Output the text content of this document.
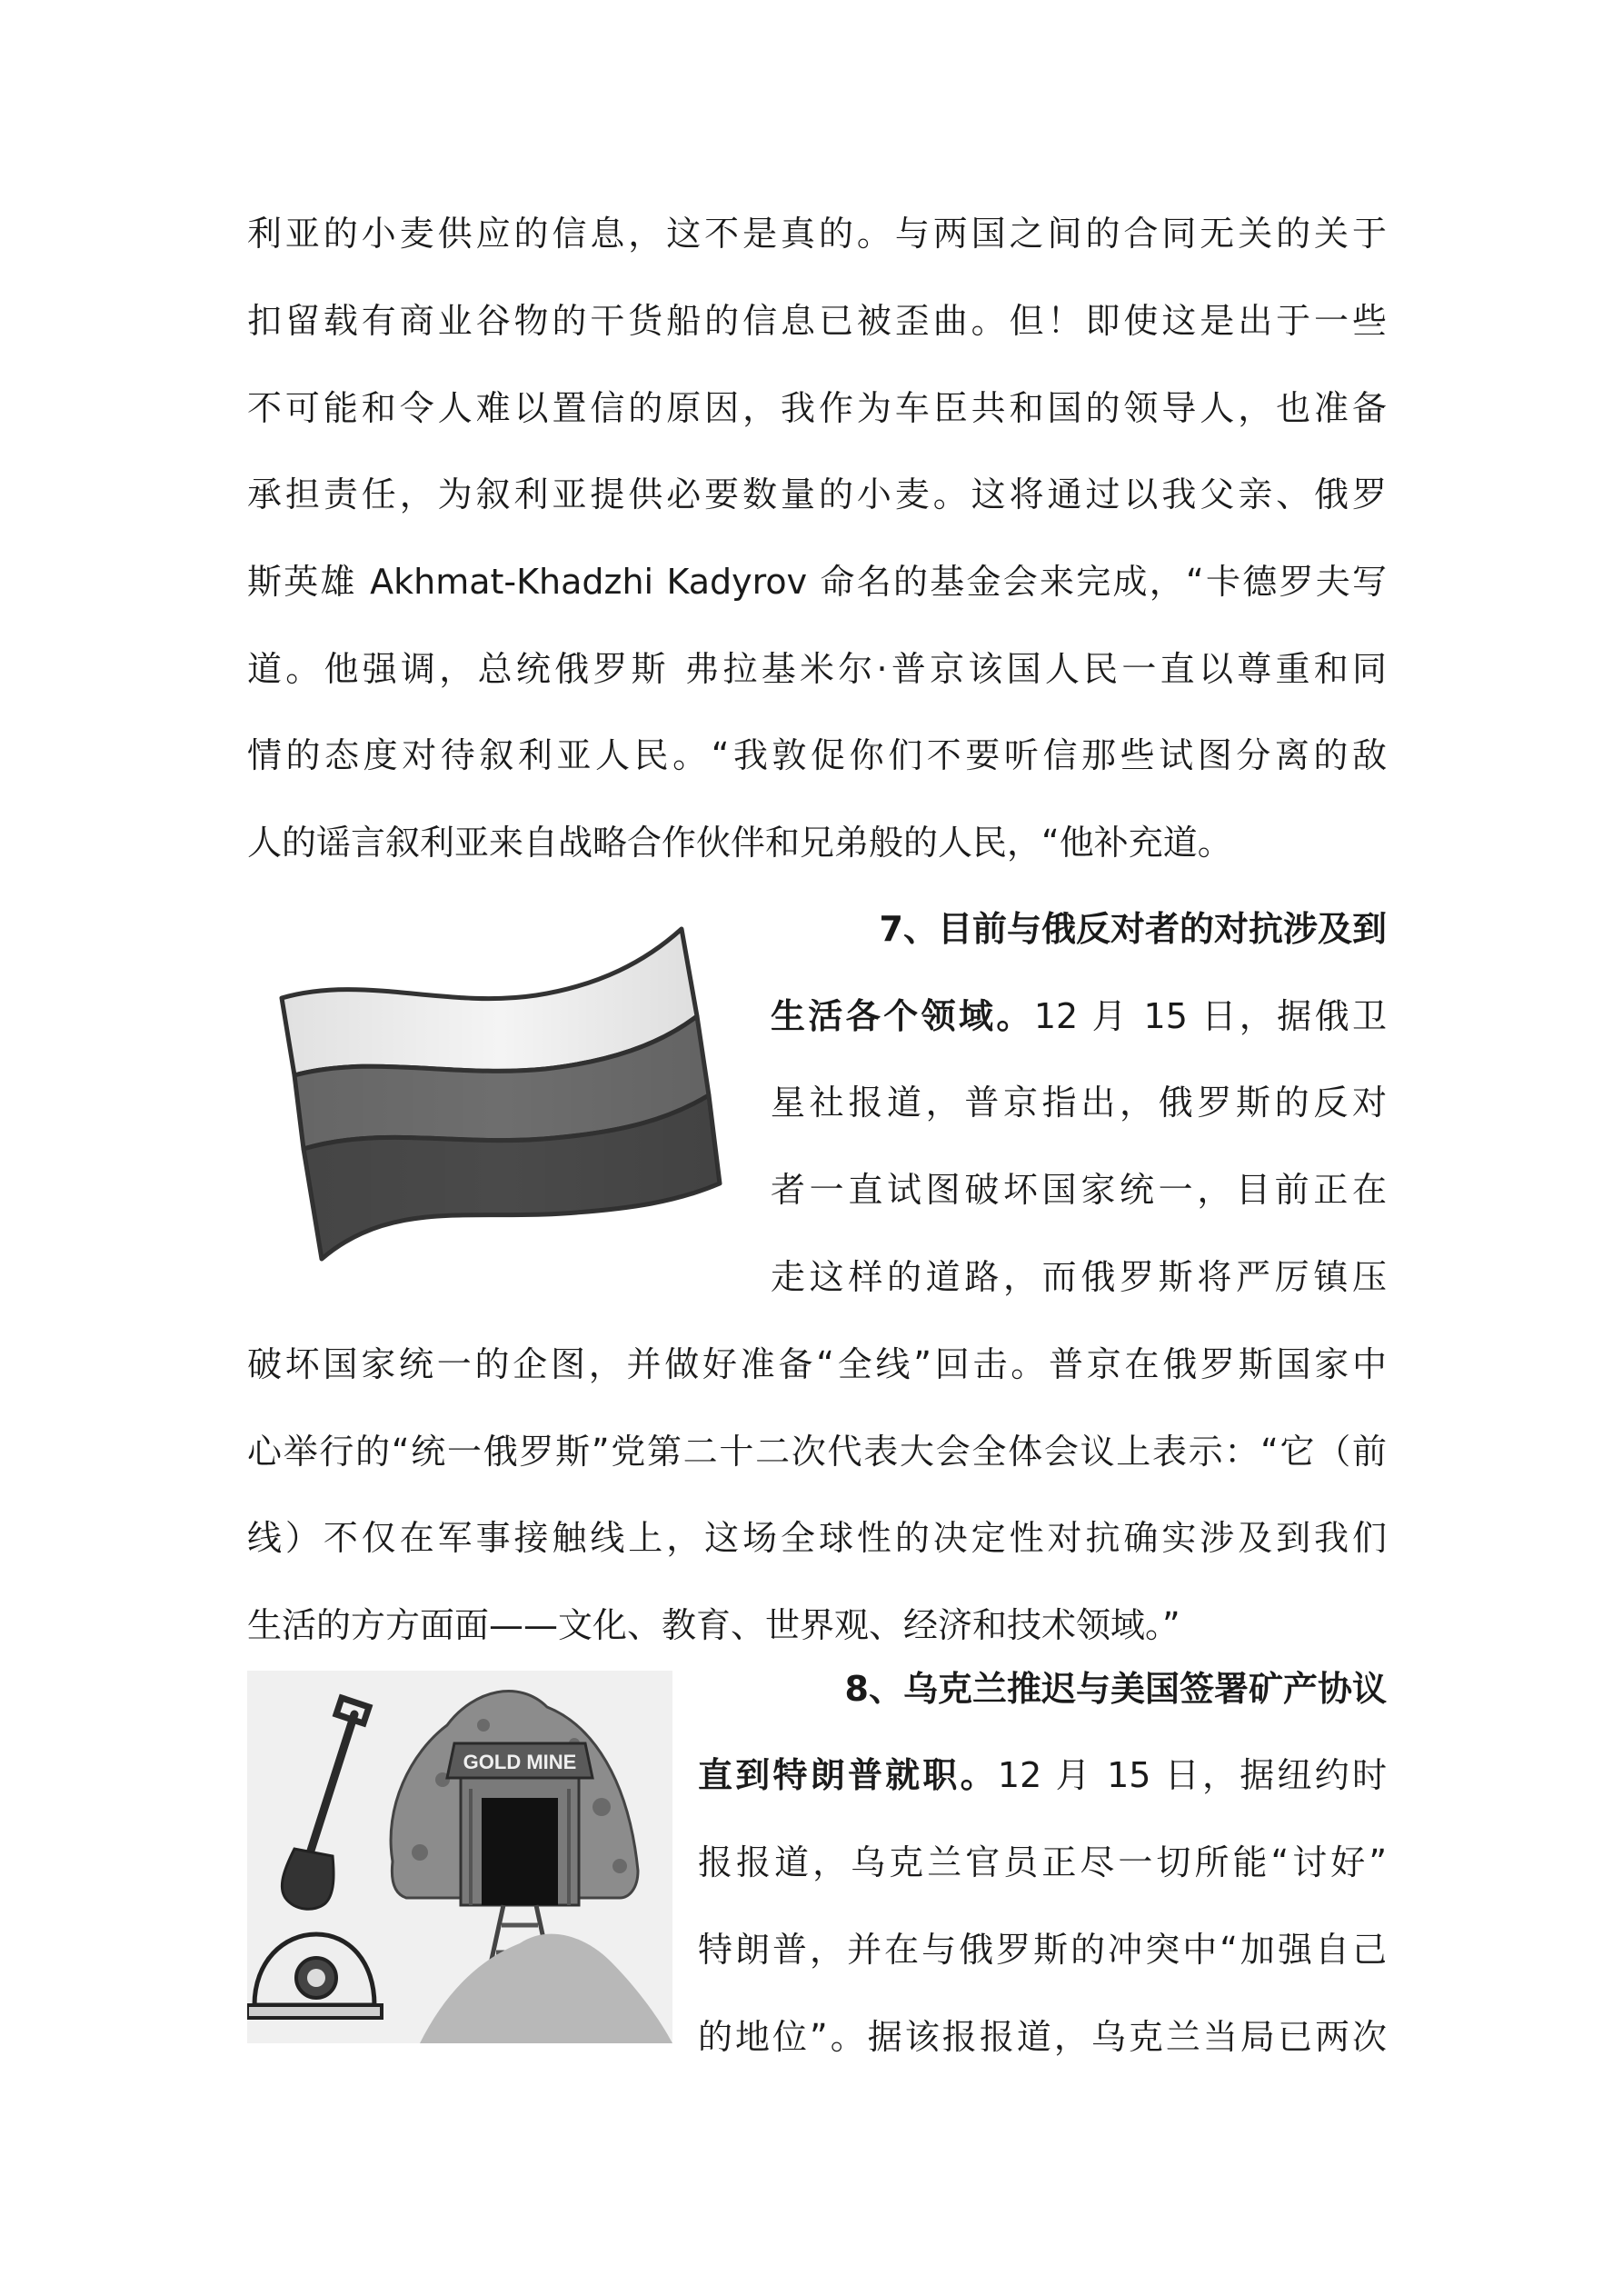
利亚的小麦供应的信息，这不是真的。与两国之间的合同无关的关于
扣留载有商业谷物的干货船的信息已被歪曲。但！即使这是出于一些
不可能和令人难以置信的原因，我作为车臣共和国的领导人，也准备
承担责任，为叙利亚提供必要数量的小麦。这将通过以我父亲、俄罗
斯英雄 Akhmat-Khadzhi Kadyrov 命名的基金会来完成，“卡德罗夫写
道。他强调，总统俄罗斯 弗拉基米尔·普京该国人民一直以尊重和同
情的态度对待叙利亚人民。“我敦促你们不要听信那些试图分离的敌
人的谣言叙利亚来自战略合作伙伴和兄弟般的人民，“他补充道。
7、目前与俄反对者的对抗涉及到
生活各个领域。12 月 15 日，据俄卫
星社报道，普京指出，俄罗斯的反对
者一直试图破坏国家统一，目前正在
走这样的道路，而俄罗斯将严厉镇压
破坏国家统一的企图，并做好准备“全线”回击。普京在俄罗斯国家中
心举行的“统一俄罗斯”党第二十二次代表大会全体会议上表示：“它（前
线）不仅在军事接触线上，这场全球性的决定性对抗确实涉及到我们
生活的方方面面——文化、教育、世界观、经济和技术领域。”
GOLD MINE
8、乌克兰推迟与美国签署矿产协议
直到特朗普就职。12 月 15 日，据纽约时
报报道，乌克兰官员正尽一切所能“讨好”
特朗普，并在与俄罗斯的冲突中“加强自己
的地位”。据该报报道，乌克兰当局已两次
